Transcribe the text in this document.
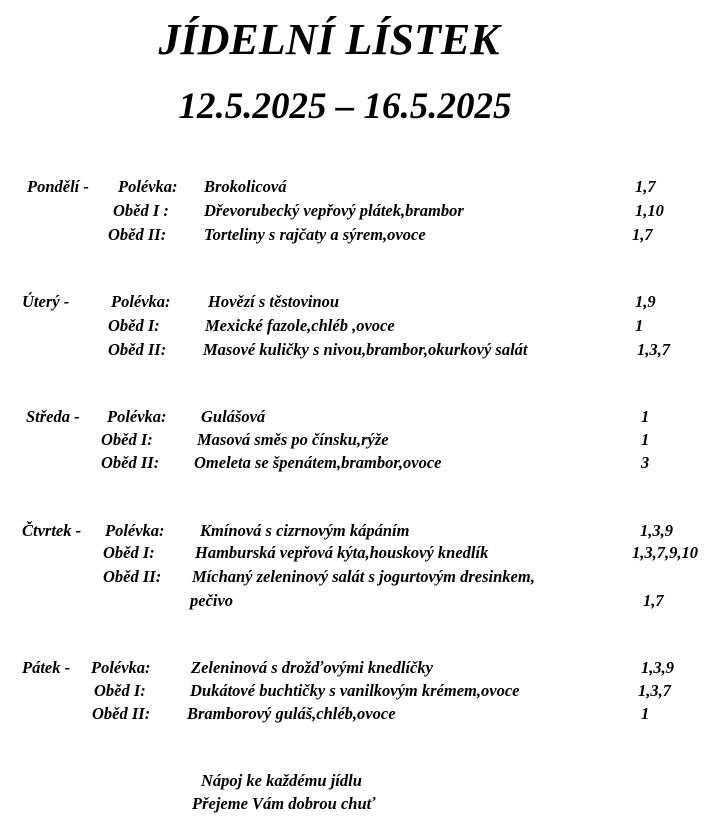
JÍDELNÍ LÍSTEK
12.5.2025 – 16.5.2025
Pondělí - Polévka: Brokolicová	1,7
Oběd I : Dřevorubecký vepřový plátek,brambor	1,10
Oběd II: Torteliny s rajčaty a sýrem,ovoce	1,7
Úterý -	Polévka: Hovězí s těstovinou	1,9
Oběd I:	Mexické fazole,chléb ,ovoce	1
Oběd II: Masové kuličky s nivou,brambor,okurkový salát	1,3,7
Středa - Polévka: Gulášová	1
Oběd I:	Masová směs po čínsku,rýže	1
Oběd II: Omeleta se špenátem,brambor,ovoce	3
Čtvrtek - Polévka: Kmínová s cizrnovým kápáním	1,3,9
Oběd I: Hamburská vepřová kýta,houskový knedlík	1,3,7,9,10
Oběd II: Míchaný zeleninový salát s jogurtovým dresinkem,
pečivo	1,7
Pátek - Polévka: Zeleninová s drožďovými knedlíčky	1,3,9
Oběd I:	Dukátové buchtičky s vanilkovým krémem,ovoce	1,3,7
Oběd II: Bramborový guláš,chléb,ovoce	1
Nápoj ke každému jídlu
Přejeme Vám dobrou chuť
